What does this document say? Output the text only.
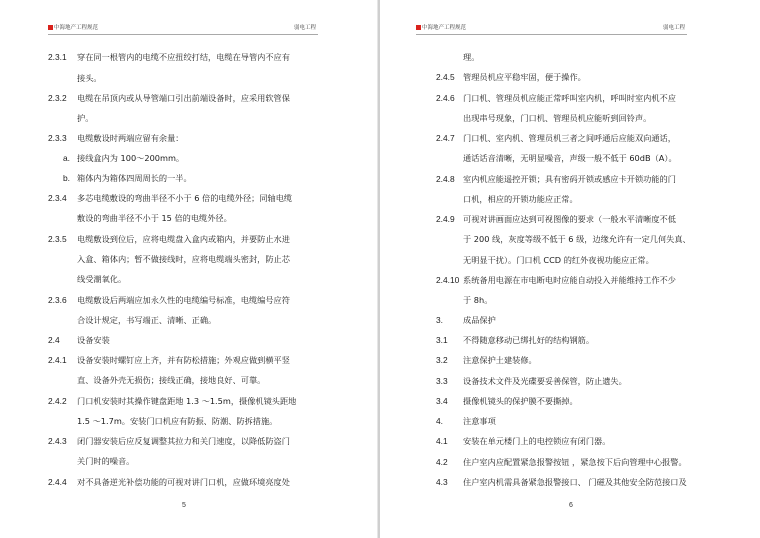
中海地产工程规范	弱电工程
2.3.1 穿在同一根管内的电缆不应扭绞打结，电缆在导管内不应有
接头。
2.3.2 电缆在吊顶内或从导管端口引出前端设备时，应采用软管保
护。
2.3.3 电缆敷设时两端应留有余量：
a. 接线盒内为 100～200mm。
b. 箱体内为箱体四周周长的一半。
2.3.4 多芯电缆敷设的弯曲半径不小于 6 倍的电缆外径；同轴电缆
敷设的弯曲半径不小于 15 倍的电缆外径。
2.3.5 电缆敷设到位后，应将电缆盘入盒内或箱内，并要防止水进
入盒、箱体内；暂不做接线时，应将电缆端头密封，防止芯
线受潮氧化。
2.3.6 电缆敷设后两端应加永久性的电缆编号标准，电缆编号应符
合设计规定，书写端正、清晰、正确。
2.4 设备安装
2.4.1 设备安装时螺钉应上齐，并有防松措施；外观应做到横平竖
直、设备外壳无损伤；接线正确，接地良好、可靠。
2.4.2 门口机安装时其操作键盘距地 1.3 ～1.5m，摄像机镜头距地
1.5 ～1.7m。安装门口机应有防振、防潮、防拆措施。
2.4.3 闭门器安装后应反复调整其拉力和关门速度，以降低防盗门
关门时的噪音。
2.4.4 对不具备逆光补偿功能的可视对讲门口机，应做环境亮度处
5
中海地产工程规范	弱电工程
理。
2.4.5 管理员机应平稳牢固，便于操作。
2.4.6 门口机、管理员机应能正常呼叫室内机，呼叫时室内机不应
出现串号现象，门口机、管理员机应能听到回铃声。
2.4.7 门口机、室内机、管理员机三者之间呼通后应能双向通话，
通话话音清晰，无明显噪音，声级一般不低于 60dB（A）。
2.4.8 室内机应能遥控开锁；具有密码开锁或感应卡开锁功能的门
口机，相应的开锁功能应正常。
2.4.9 可视对讲画面应达到可视图像的要求（一般水平清晰度不低
于 200 线，灰度等级不低于 6 级，边缘允许有一定几何失真、
无明显干扰）。门口机 CCD 的红外夜视功能应正常。
2.4.10 系统备用电源在市电断电时应能自动投入并能维持工作不少
于 8h。
3. 成品保护
3.1 不得随意移动已绑扎好的结构钢筋。
3.2 注意保护土建装修。
3.3 设备技术文件及光碟要妥善保管，防止遗失。
3.4 摄像机镜头的保护膜不要撕掉。
4. 注意事项
4.1 安装在单元楼门上的电控锁应有闭门器。
4.2 住户室内应配置紧急报警按钮 ，紧急按下后向管理中心报警。
4.3 住户室内机需具备紧急报警接口、 门磁及其他安全防范接口及
6
